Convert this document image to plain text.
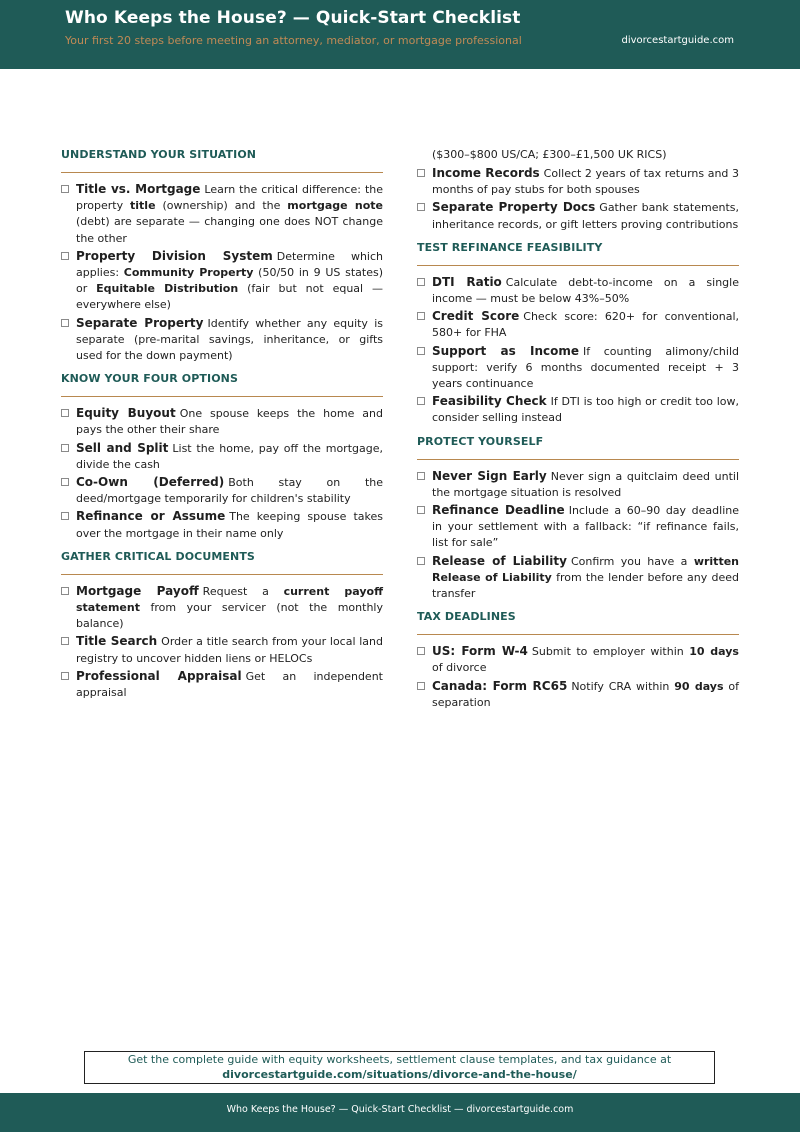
Who Keeps the House? — Quick-Start Checklist
Your first 20 steps before meeting an attorney, mediator, or mortgage professional	divorcestartguide.com
UNDERSTAND YOUR SITUATION
Title vs. Mortgage Learn the critical difference: the property title (ownership) and the mortgage note (debt) are separate — changing one does NOT change the other
Property Division System Determine which applies: Community Property (50/50 in 9 US states) or Equitable Distribution (fair but not equal — everywhere else)
Separate Property Identify whether any equity is separate (pre-marital savings, inheritance, or gifts used for the down payment)
KNOW YOUR FOUR OPTIONS
Equity Buyout One spouse keeps the home and pays the other their share
Sell and Split List the home, pay off the mortgage, divide the cash
Co-Own (Deferred) Both stay on the deed/mortgage temporarily for children's stability
Refinance or Assume The keeping spouse takes over the mortgage in their name only
GATHER CRITICAL DOCUMENTS
Mortgage Payoff Request a current payoff statement from your servicer (not the monthly balance)
Title Search Order a title search from your local land registry to uncover hidden liens or HELOCs
Professional Appraisal Get an independent appraisal
($300–$800 US/CA; £300–£1,500 UK RICS)
Income Records Collect 2 years of tax returns and 3 months of pay stubs for both spouses
Separate Property Docs Gather bank statements, inheritance records, or gift letters proving contributions
TEST REFINANCE FEASIBILITY
DTI Ratio Calculate debt-to-income on a single income — must be below 43%–50%
Credit Score Check score: 620+ for conventional, 580+ for FHA
Support as Income If counting alimony/child support: verify 6 months documented receipt + 3 years continuance
Feasibility Check If DTI is too high or credit too low, consider selling instead
PROTECT YOURSELF
Never Sign Early Never sign a quitclaim deed until the mortgage situation is resolved
Refinance Deadline Include a 60–90 day deadline in your settlement with a fallback: “if refinance fails, list for sale”
Release of Liability Confirm you have a written Release of Liability from the lender before any deed transfer
TAX DEADLINES
US: Form W-4 Submit to employer within 10 days of divorce
Canada: Form RC65 Notify CRA within 90 days of separation
Get the complete guide with equity worksheets, settlement clause templates, and tax guidance at
divorcestartguide.com/situations/divorce-and-the-house/
Who Keeps the House? — Quick-Start Checklist — divorcestartguide.com
